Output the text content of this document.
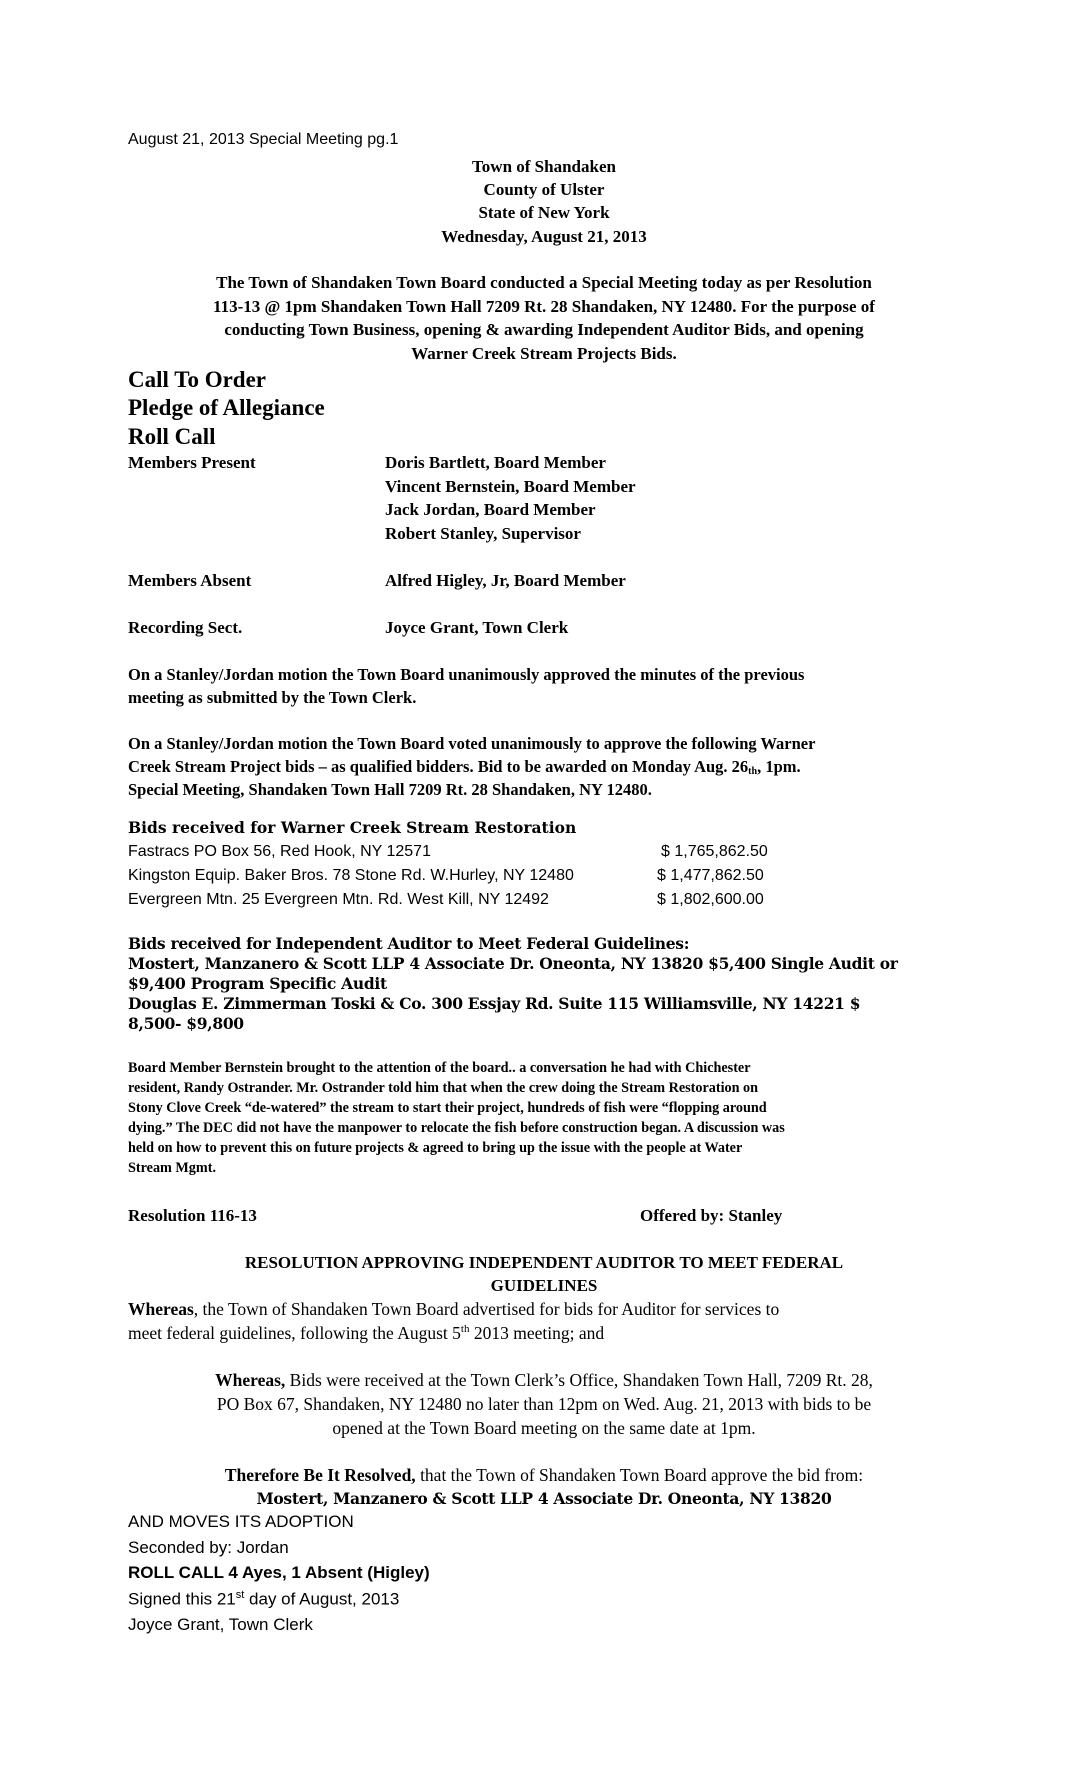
August 21, 2013 Special Meeting pg.1
Town of Shandaken
County of Ulster
State of New York
Wednesday, August 21, 2013
The Town of Shandaken Town Board conducted a Special Meeting today as per Resolution
113-13 @ 1pm Shandaken Town Hall 7209 Rt. 28 Shandaken, NY 12480. For the purpose of
conducting Town Business, opening & awarding Independent Auditor Bids, and opening
Warner Creek Stream Projects Bids.
Call To Order
Pledge of Allegiance
Roll Call
Members Present	Doris Bartlett, Board Member
Vincent Bernstein, Board Member
Jack Jordan, Board Member
Robert Stanley, Supervisor
Members Absent	Alfred Higley, Jr, Board Member
Recording Sect.	Joyce Grant, Town Clerk
On a Stanley/Jordan motion the Town Board unanimously approved the minutes of the previous
meeting as submitted by the Town Clerk.
On a Stanley/Jordan motion the Town Board voted unanimously to approve the following Warner
Creek Stream Project bids – as qualified bidders. Bid to be awarded on Monday Aug. 26th, 1pm.
Special Meeting, Shandaken Town Hall 7209 Rt. 28 Shandaken, NY 12480.
Bids received for Warner Creek Stream Restoration
Fastracs PO Box 56, Red Hook, NY 12571	$ 1,765,862.50
Kingston Equip. Baker Bros. 78 Stone Rd. W.Hurley, NY 12480	$ 1,477,862.50
Evergreen Mtn. 25 Evergreen Mtn. Rd. West Kill, NY 12492	$ 1,802,600.00
Bids received for Independent Auditor to Meet Federal Guidelines:
Mostert, Manzanero & Scott LLP 4 Associate Dr. Oneonta, NY 13820 $5,400 Single Audit or
$9,400 Program Specific Audit
Douglas E. Zimmerman Toski & Co. 300 Essjay Rd. Suite 115 Williamsville, NY 14221 $
8,500- $9,800
Board Member Bernstein brought to the attention of the board.. a conversation he had with Chichester
resident, Randy Ostrander. Mr. Ostrander told him that when the crew doing the Stream Restoration on
Stony Clove Creek “de-watered” the stream to start their project, hundreds of fish were “flopping around
dying.” The DEC did not have the manpower to relocate the fish before construction began. A discussion was
held on how to prevent this on future projects & agreed to bring up the issue with the people at Water
Stream Mgmt.
Resolution 116-13	Offered by: Stanley
RESOLUTION APPROVING INDEPENDENT AUDITOR TO MEET FEDERAL
GUIDELINES
Whereas, the Town of Shandaken Town Board advertised for bids for Auditor for services to
meet federal guidelines, following the August 5th 2013 meeting; and
Whereas, Bids were received at the Town Clerk’s Office, Shandaken Town Hall, 7209 Rt. 28,
PO Box 67, Shandaken, NY 12480 no later than 12pm on Wed. Aug. 21, 2013 with bids to be
opened at the Town Board meeting on the same date at 1pm.
Therefore Be It Resolved, that the Town of Shandaken Town Board approve the bid from:
Mostert, Manzanero & Scott LLP 4 Associate Dr. Oneonta, NY 13820
AND MOVES ITS ADOPTION
Seconded by: Jordan
ROLL CALL 4 Ayes, 1 Absent (Higley)
Signed this 21st day of August, 2013
Joyce Grant, Town Clerk
